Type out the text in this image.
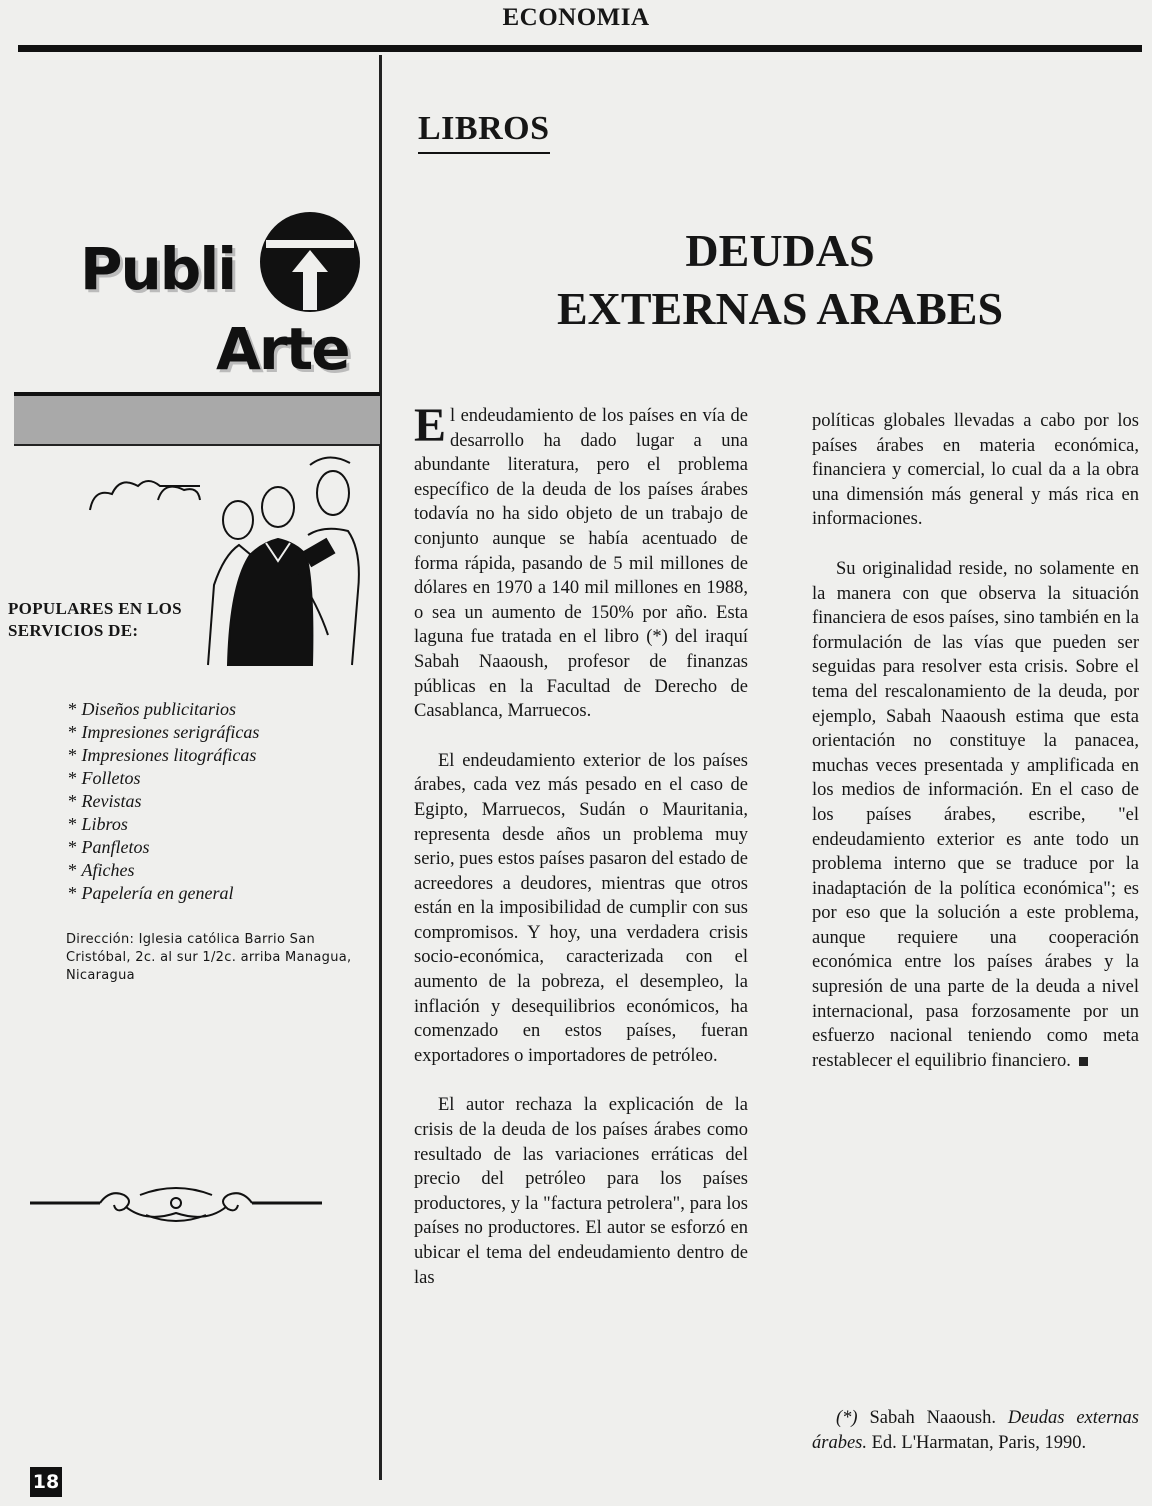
ECONOMIA
Publi
Arte
POPULARES EN LOS SERVICIOS DE:
* Diseños publicitarios
* Impresiones serigráficas
* Impresiones litográficas
* Folletos
* Revistas
* Libros
* Panfletos
* Afiches
* Papelería en general
Dirección: Iglesia católica Barrio San Cristóbal, 2c. al sur 1/2c. arriba Managua, Nicaragua
18
LIBROS
DEUDAS
EXTERNAS ARABES

El endeudamiento de los países en vía de desarrollo ha dado lugar a una abundante literatura, pero el problema específico de la deuda de los países árabes todavía no ha sido objeto de un trabajo de conjunto aunque se había acentuado de forma rápida, pasando de 5 mil millones de dólares en 1970 a 140 mil millones en 1988, o sea un aumento de 150% por año. Esta laguna fue tratada en el libro (*) del iraquí Sabah Naaoush, profesor de finanzas públicas en la Facultad de Derecho de Casablanca, Marruecos.

El endeudamiento exterior de los países árabes, cada vez más pesado en el caso de Egipto, Marruecos, Sudán o Mauritania, representa desde años un problema muy serio, pues estos países pasaron del estado de acreedores a deudores, mientras que otros están en la imposibilidad de cumplir con sus compromisos. Y hoy, una verdadera crisis socio-económica, caracterizada con el aumento de la pobreza, el desempleo, la inflación y desequilibrios económicos, ha comenzado en estos países, fueran exportadores o importadores de petróleo.

El autor rechaza la explicación de la crisis de la deuda de los países árabes como resultado de las variaciones erráticas del precio del petróleo para los países productores, y la "factura petrolera", para los países no productores. El autor se esforzó en ubicar el tema del endeudamiento dentro de las

políticas globales llevadas a cabo por los países árabes en materia económica, financiera y comercial, lo cual da a la obra una dimensión más general y más rica en informaciones.

Su originalidad reside, no solamente en la manera con que observa la situación financiera de esos países, sino también en la formulación de las vías que pueden ser seguidas para resolver esta crisis. Sobre el tema del rescalonamiento de la deuda, por ejemplo, Sabah Naaoush estima que esta orientación no constituye la panacea, muchas veces presentada y amplificada en los medios de información. En el caso de los países árabes, escribe, "el endeudamiento exterior es ante todo un problema interno que se traduce por la inadaptación de la política económica"; es por eso que la solución a este problema, aunque requiere una cooperación económica entre los países árabes y la supresión de una parte de la deuda a nivel internacional, pasa forzosamente por un esfuerzo nacional teniendo como meta restablecer el equilibrio financiero.

(*) Sabah Naaoush. Deudas externas árabes. Ed. L'Harmatan, Paris, 1990.
